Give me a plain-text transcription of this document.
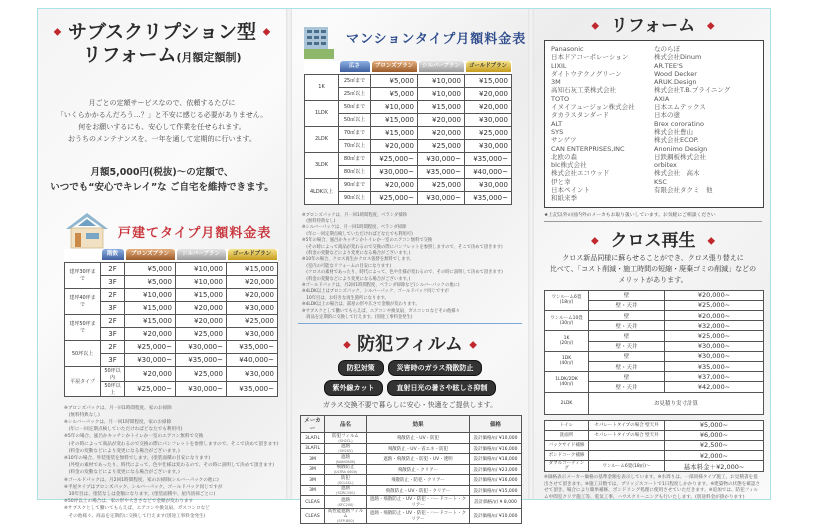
◆ サブスクリプション型 ◆
リフォーム(月額定額制)
月ごとの定額サービスなので、依頼するたびに
「いくらかかるんだろう…？」と不安に感じる必要がありません。
何をお願いするにも、安心して作業を任せられます。
おうちのメンテナンスを、一年を通して定期的に行います。
月額5,000円(税抜)～の定額で、
いつでも“安心でキレイ”な ご自宅を維持できます。
戸建てタイプ月額料金表

	階数	ブロンズプラン	シルバープラン	ゴールドプラン

建坪30坪まで	2F	¥5,000	¥10,000	¥15,000
	3F	¥5,000	¥10,000	¥20,000
建坪40坪まで	2F	¥10,000	¥15,000	¥20,000
	3F	¥15,000	¥20,000	¥30,000
建坪50坪まで	2F	¥15,000	¥20,000	¥25,000
	3F	¥20,000	¥25,000	¥30,000
50坪以上	2F	¥25,000~	¥30,000~	¥35,000~
	3F	¥30,000~	¥35,000~	¥40,000~
平屋タイプ	50坪以内	¥20,000	¥25,000	¥30,000
	50坪以上	¥25,000~	¥30,000~	¥35,000~
※ブロンズパックは、月一回1時間程度、家のお掃除
　(無料特典なし)
※シルバーパックは、月一回1時間程度、家のお掃除
　(年に一回定期点検していただければどなたでも利用可)
※5年の場合、風呂かキッチンかトイレか一室のエアコン無料で交換
　(その時によって商品が変わるので交換の際にパンフレットを参照しますので、そこで決めて頂きます)
　(料金の変動などにより変更になる場合がございます。)
※10年の場合、外装塗装を無料でします。(塗装面積の目安になります)
　(外壁の素材であったり、時代によって、色や仕様は変わるので、その時に説明して決めて頂きます)
　(料金の変動などにより変更になる場合がございます。)
※ゴールドパックは、月2回1時間程度、家のお掃除(シルバーパックの他に)
※平屋タイプはブロンズパック、シルバーパック、ゴールドパック同じですが
　10年目は、塗装なしは金額になります。(塗装面積や、屋内清掃ごとに)
※50坪以上の場合は、家の形や大きさなどで金額が変わります
※サブスクとして働いてもらえば、エアコンや換気扇、ガスコンロなど
　その他様々、商品を定期的に交換して行えます(別途工事料金発生)
マンションタイプ月額料金表

	広さ	ブロンズプラン	シルバープラン	ゴールドプラン

1K	25㎡まで	¥5,000	¥10,000	¥15,000
	25㎡以上	¥5,000	¥10,000	¥20,000
1LDK	50㎡まで	¥10,000	¥15,000	¥20,000
	50㎡以上	¥15,000	¥20,000	¥30,000
2LDK	70㎡まで	¥15,000	¥20,000	¥25,000
	70㎡以上	¥20,000	¥25,000	¥30,000
3LDK	80㎡まで	¥25,000~	¥30,000~	¥35,000~
	80㎡以上	¥30,000~	¥35,000~	¥40,000~
4LDK以上	90㎡まで	¥20,000	¥25,000	¥30,000
	90㎡以上	¥25,000~	¥30,000~	¥35,000~
※ブロンズパックは、月一回1時間程度、ベランダ掃除
　(無料特典なし)
※シルバーパックは、月一回1時間程度、ベランダ掃除
　(年に一回定期点検していただければどなたでも利用可)
※5年の場合、風呂かキッチンかトイレか一室のエアコン無料で交換
　(その時によって商品が変わるので交換の際にパンフレットを参照しますので、そこで決めて頂きます)
　(料金の変動などにより変更になる場合がございます。)
※10年の場合、クロス再生かクロス張替を無料でします。
　(室内の可能なリフォームの目安になります)
　(クロスの素材であったり、時代によって、色や仕様が変わるので、その時に説明して決めて頂きます)
　(料金の変動などにより変更になる場合がございます。)
※ゴールドパックは、月2回1時間程度、ベランダ掃除など(シルバーパックの他に)
※4LDK以上はブロンズパック、シルバーパック、ゴールドパック同じですが
　10年目は、お好きな再生箇所になります。
※4LDK以上の場合は、部屋の形や広さで金額が変わります。
※サブスクとして働いてもらえば、エアコンや換気扇、ガスコンロなどその他様々
　商品を定期的に交換して行えます。(別途工事料金発生)
◆ 防犯フィルム ◆
防犯対策	災害時のガラス飛散防止
紫外線カット	直射日光の暑さや眩しさ抑制
ガラス交換不要で暮らしに安心・快適をご提供します。
メーカー	品名	効果	価格
3LAFIL	防犯フィルム
(SH2CL)	飛散防止・UV・防犯	設計価格/㎡ ¥10,000
3LAFIL	遮熱
(SH2SV)	飛散防止・UV・省エネ・防犯	設計価格/㎡ ¥16,000
3M	遮熱
(NANO80S)	遮熱・飛散防止・防犯・UV・透明	設計価格/㎡ ¥18,000
3M	飛散防止
(ULTRA S600)	飛散防止・クリアー	設計価格/㎡ ¥23,000
3M	防犯
(SCLSCL)	飛散防止・防犯・クリアー	設計価格/㎡ ¥16,000
3M	遮熱
(SCRC150)	飛散防止・UV・防犯・クリアー	設計価格/㎡ ¥15,000
CLEAS	遮熱
(SFC200)	遮熱・飛散防止・UV・防犯・ハードコート・クリアー	設計価格/㎡ ¥ 8,000
CLEAS	高性能遮熱フィルム
(SFP-800)	遮熱・飛散防止・UV・防犯・ハードコート・クリアー	設計価格/㎡ ¥10,000
◆ リフォーム ◆
Panasonic
日本ドアコーポレーション
LIXIL
ダイトウテクノグリーン
3M
高知石灰工業株式会社
TOTO
イヌイフュージョン株式会社
タカラスタンダード
ALT
SYS
サンゲツ
CAN ENTERPRISES,INC
北欧の森
blc株式会社
株式会社エコウッド
伊と幸
日本ペイント
和紙来季
なのらぼ
株式会社Dinum
AR.TEE'S
Wood Decker
ARUK.Design
株式会社T.B.プライニング
AXIA
日本エムテックス
日本の塗
Brex cororatino
株式会社豊山
株式会社ECOP.
Anonimo Design
日鉄鋼板株式会社
orbitex
株式会社　高木
KSC
有限会社タクミ　他
★上記以外の国内外のメーカもお取り扱いしています。お気軽にご相談ください
◆ クロス再生 ◆
クロス新品同様に蘇らせることができ、クロス張り替えに
比べて、「コスト削減・施工時間の短縮・廃棄ゴミの削減」などの
メリットがあります。
ワンルーム6畳
(18㎡)	壁	¥20,000~
	壁・天井	¥25,000~

ワンルーム10畳
(30㎡)	壁	¥20,000~
	壁・天井	¥32,000~

1K
(20㎡)	壁	¥25,000~
	壁・天井	¥30,000~

1DK
(40㎡)	壁	¥30,000~
	壁・天井	¥35,000~

1LDK/2DK
(40㎡)	壁	¥37,000~
	壁・天井	¥42,000~
2LDK	お見積り実寸計算	
トイレ	セパレートタイプの場合 壁天井	¥5,000~
洗面所	セパレートタイプの場合 壁天井	¥6,000~
バックサイド補修		¥2,500~
ボンドコーク補修		¥2,000~
ダブルコーティング	ワンルーム6畳(18㎡)～	基本料金＋¥2,000~
※価格表示メーカー価格の基準金額を表示しています。※水周りは、一部同様タイプ施工、お見積書を提出させて頂きます。※施工日数では、ブリッジスコートで1日程度しかかります。※建築物の状態を確認させて頂き、場合により簡単補修、ボンドリング処理に使用させていただきます。※追加では、防犯フィルム中間室クリア施工等、電気工事、ハウスクリーニングも行いたします。(別途料金が掛かります)
